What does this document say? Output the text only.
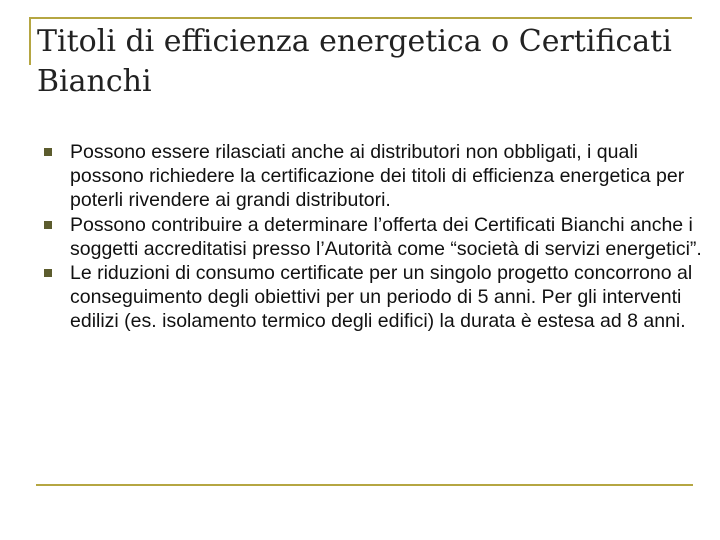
Titoli di efficienza energetica o Certificati Bianchi
Possono essere rilasciati anche ai distributori non obbligati, i quali possono richiedere la certificazione dei titoli di efficienza energetica per poterli rivendere ai grandi distributori.
Possono contribuire a determinare l’offerta dei Certificati Bianchi anche i soggetti accreditatisi presso l’Autorità come “società di servizi energetici”.
Le riduzioni di consumo certificate per un singolo progetto concorrono al conseguimento degli obiettivi per un periodo di 5 anni. Per gli interventi edilizi (es. isolamento termico degli edifici) la durata è estesa ad 8 anni.
